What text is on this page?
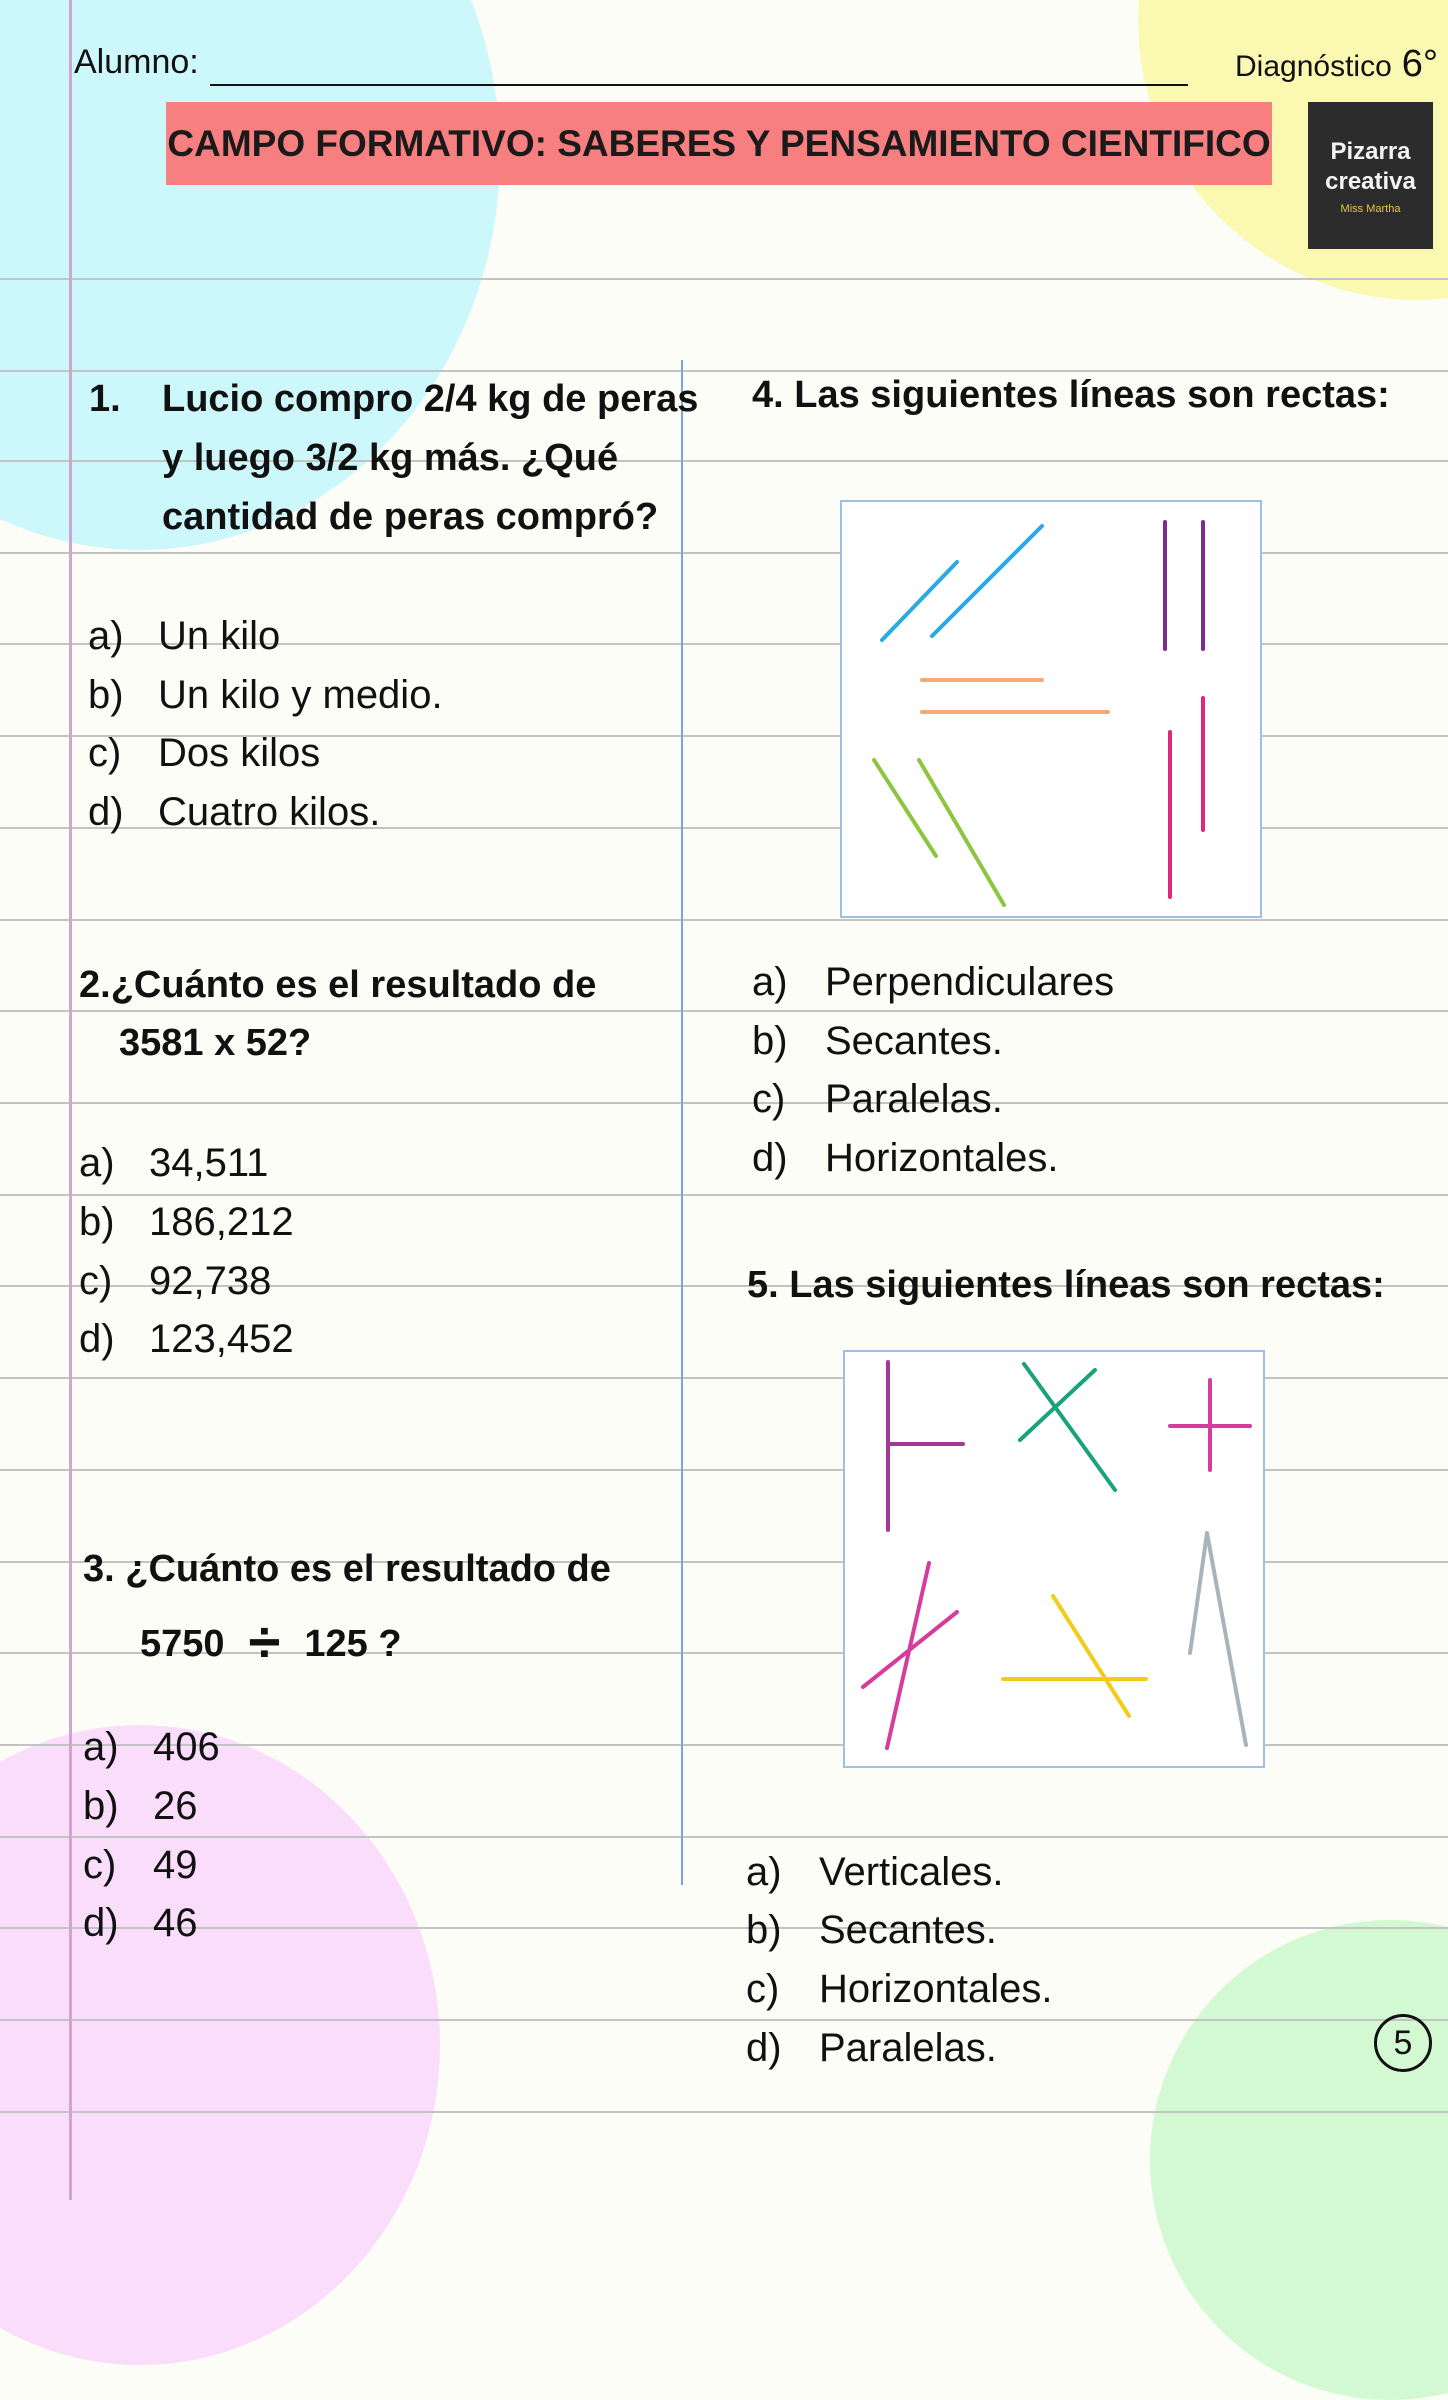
Alumno:	Diagnóstico 6°
CAMPO FORMATIVO: SABERES Y PENSAMIENTO CIENTIFICO Pizarra
creativa
Miss Martha
1. Lucio compro 2/4 kg de peras
y luego 3/2 kg más. ¿Qué
cantidad de peras compró?
a) Un kilo
b) Un kilo y medio.
c) Dos kilos
d) Cuatro kilos.
2.¿Cuánto es el resultado de
3581 x 52?
a) 34,511
b) 186,212
c) 92,738
d) 123,452
3. ¿Cuánto es el resultado de
5750 ÷ 125 ?
a) 406
b) 26
c) 49
d) 46
4. Las siguientes líneas son rectas:
a) Perpendiculares
b) Secantes.
c) Paralelas.
d) Horizontales.
5. Las siguientes líneas son rectas:
a) Verticales.
b) Secantes.
c) Horizontales.
d) Paralelas.	5
